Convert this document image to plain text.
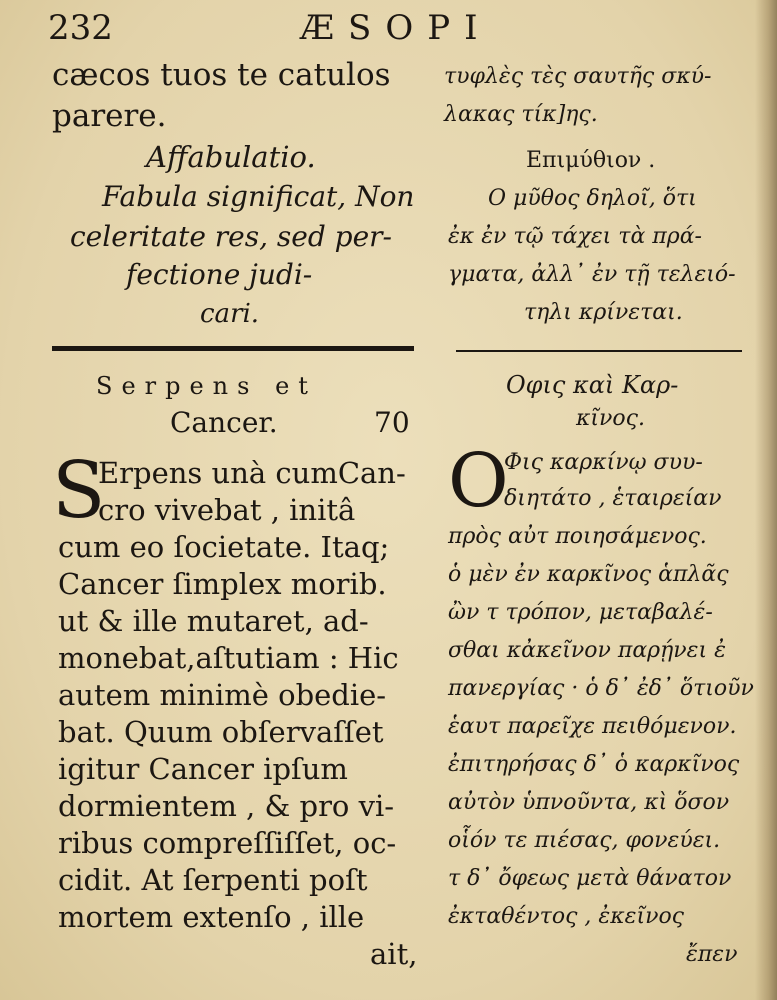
232	ÆSOPI
cæcos tuos te catulos
parere.
Affabulatio.
Fabula significat, Non
celeritate res, sed per-
fectione judi-
cari.
Serpens et
Cancer.	70
S
Erpens unà cumCan-
cro vivebat , initâ
cum eo ſocietate. Itaq;
Cancer ſimplex morib.
ut & ille mutaret, ad-
monebat,aſtutiam : Hic
autem minimè obedie-
bat. Quum obſervaſſet
igitur Cancer ipſum
dormientem , & pro vi-
ribus compreſſiſſet, oc-
cidit. At ſerpenti poſt
mortem extenſo , ille
ait,
τυφλὲς τὲς σαυτῆς σκύ-
λακας τίκ]ης.
Επιμύθιον .
Ο μῦθος δηλοῖ, ὅτι
ἐκ ἐν τῷ τάχει τὰ πρά-
γματα, ἀλλ᾽ ἐν τῇ τελειό-
τηλι κρίνεται.
Οφις καὶ Καρ-
κῖνος.
O
Φις καρκίνῳ συυ-
διητάτο , ἑταιρείαν
πρὸς αὐτ ποιησάμενος.
ὁ μὲν ἐν καρκῖνος ἁπλᾶς
ὢν τ τρόπον, μεταβαλέ-
σθαι κἀκεῖνον παρῄνει ἐ
πανεργίας · ὁ δ᾽ ἐδ᾽ ὅτιοῦν
ἑαυτ παρεῖχε πειθόμενον.
ἐπιτηρήσας δ᾽ ὁ καρκῖνος
αὐτὸν ὑπνοῦντα, κὶ ὅσον
οἷόν τε πιέσας, φονεύει.
τ δ᾽ ὄφεως μετὰ θάνατον
ἐκταθέντος , ἐκεῖνος
ἔπεν
